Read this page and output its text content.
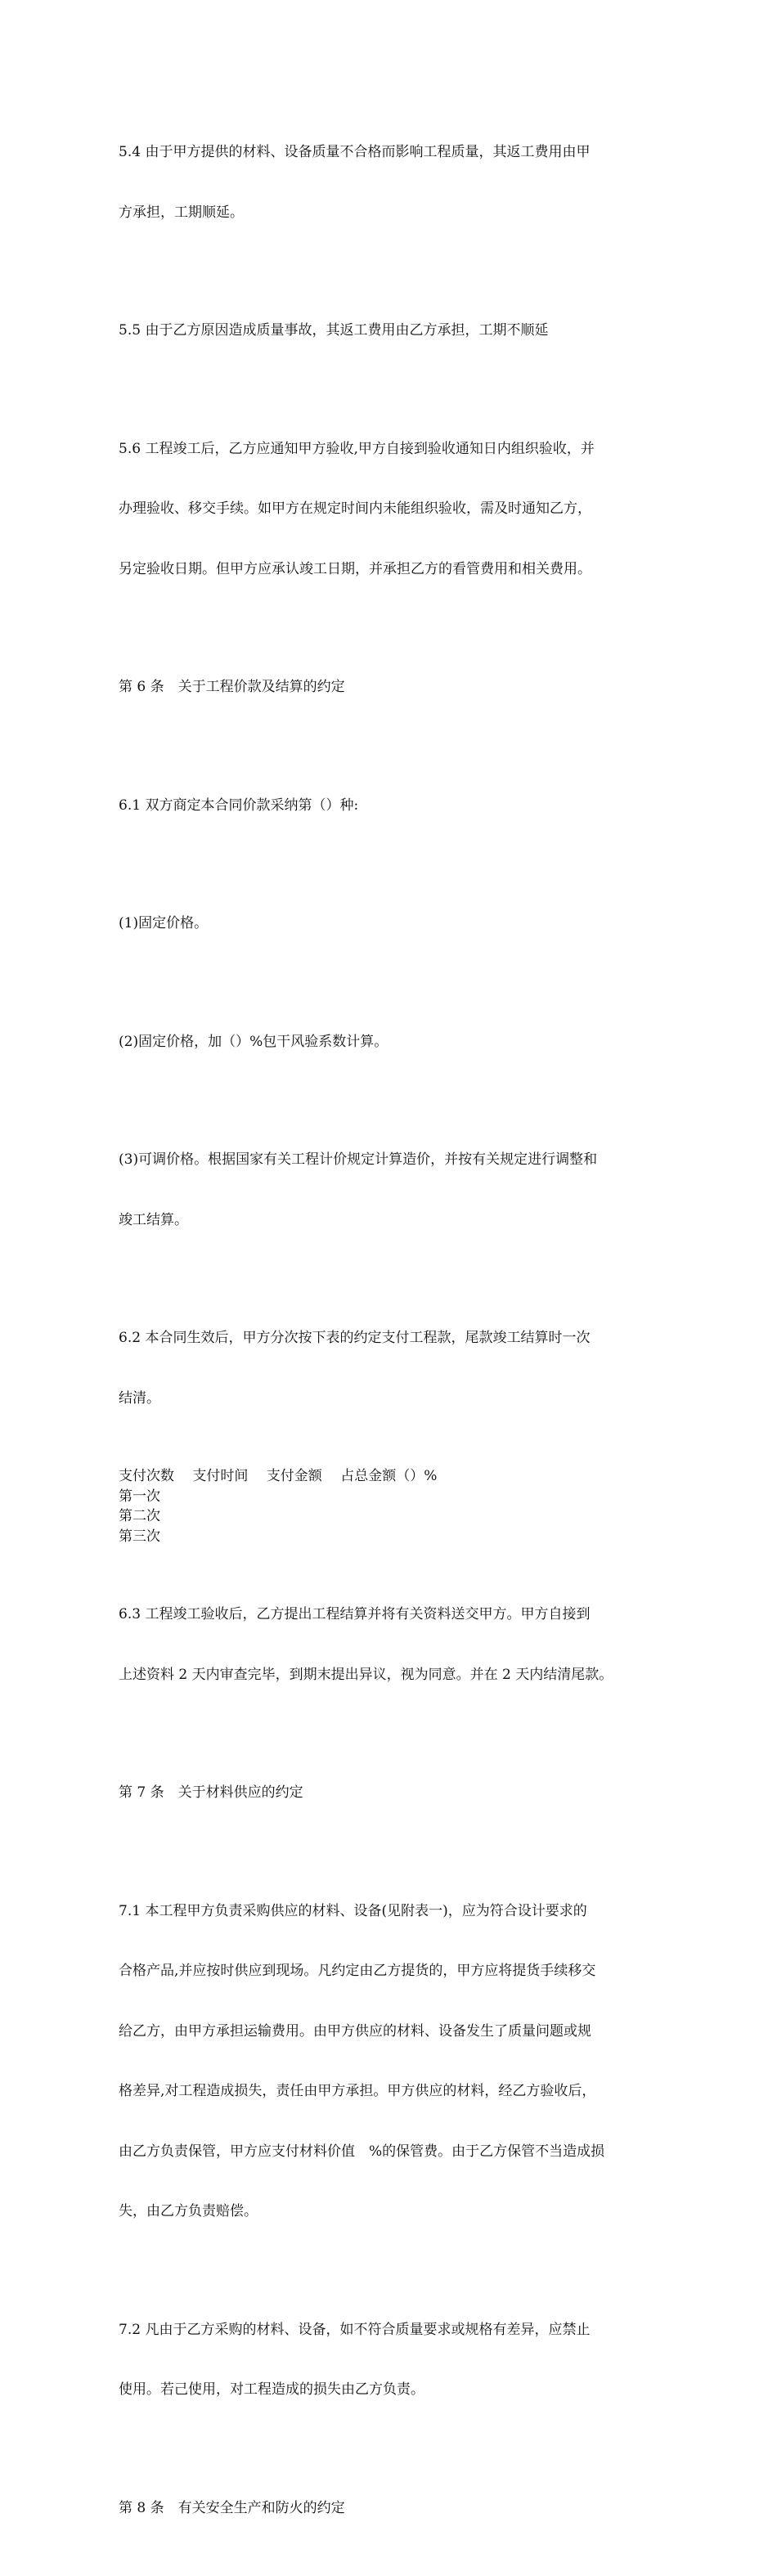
5.4 由于甲方提供的材料、设备质量不合格而影响工程质量，其返工费用由甲

方承担，工期顺延。

5.5 由于乙方原因造成质量事故，其返工费用由乙方承担，工期不顺延

5.6 工程竣工后，乙方应通知甲方验收,甲方自接到验收通知日内组织验收，并

办理验收、移交手续。如甲方在规定时间内未能组织验收，需及时通知乙方，

另定验收日期。但甲方应承认竣工日期，并承担乙方的看管费用和相关费用。

第 6 条　关于工程价款及结算的约定

6.1 双方商定本合同价款采纳第（）种:

(1)固定价格。

(2)固定价格，加（）%包干风验系数计算。

(3)可调价格。根据国家有关工程计价规定计算造价，并按有关规定进行调整和

竣工结算。

6.2 本合同生效后，甲方分次按下表的约定支付工程款，尾款竣工结算时一次

结清。

支付次数　 支付时间　 支付金额　 占总金额（）%
第一次
第二次
第三次

6.3 工程竣工验收后，乙方提出工程结算并将有关资料送交甲方。甲方自接到

上述资料 2 天内审查完毕，到期末提出异议，视为同意。并在 2 天内结清尾款。

第 7 条　关于材料供应的约定

7.1 本工程甲方负责采购供应的材料、设备(见附表一)，应为符合设计要求的

合格产品,并应按时供应到现场。凡约定由乙方提货的，甲方应将提货手续移交

给乙方，由甲方承担运输费用。由甲方供应的材料、设备发生了质量问题或规

格差异,对工程造成损失，责任由甲方承担。甲方供应的材料，经乙方验收后，

由乙方负责保管，甲方应支付材料价值　%的保管费。由于乙方保管不当造成损

失，由乙方负责赔偿。

7.2 凡由于乙方采购的材料、设备，如不符合质量要求或规格有差异，应禁止

使用。若己使用，对工程造成的损失由乙方负责。

第 8 条　有关安全生产和防火的约定
